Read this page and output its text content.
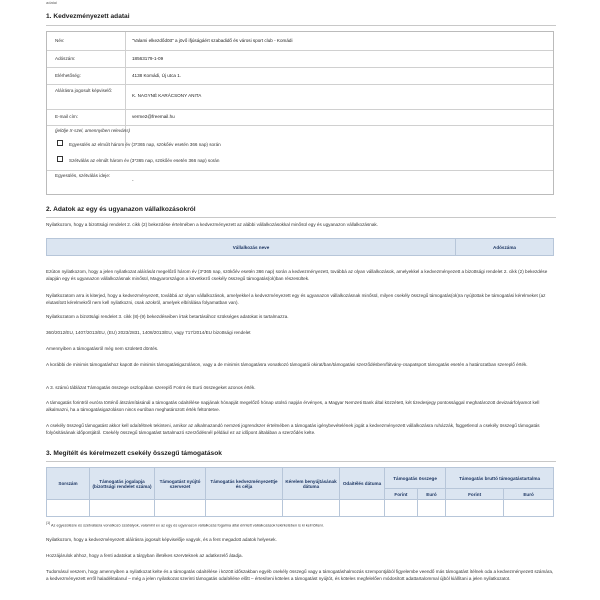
adatai
1. Kedvezményezett adatai
Név:	"Valami elkezdődött" a jövő ifjúságáért szabadidő és városi sport club - Komádi
Adószám:	18563179-1-09
Elérhetőség:	4138 Komádi, Új utca 1.
Aláírásra jogosult képviselő:
K. NAGYNÉ KARÁCSONY ANITA
E-mail cím:	verme2@freemail.hu
(jelölje X-szel, amennyiben releváns)
Egyesülés az elmúlt három év (3*365 nap, szökőév esetén 366 nap) során
Szétválás az elmúlt három év (3*365 nap, szökőév esetén 366 nap) során
Egyesülés, szétválás ideje:
-
2. Adatok az egy és ugyanazon vállalkozásokról
Nyilatkozom, hogy a bizottsági rendelet 2. cikk (2) bekezdése értelmében a kedvezményezett az alábbi vállalkozásokkal minősül egy és ugyanazon vállalkozásnak.
Vállalkozás neve	Adószáma
Ezúton nyilatkozom, hogy a jelen nyilatkozat aláírását megelőző három év (3*365 nap, szökőév esetén 366 nap) során a kedvezményezett, továbbá az olyan vállalkozások, amelyekkel a kedvezményezett a bizottsági rendelet 2. cikk (2) bekezdése alapján egy és ugyanazon vállalkozásnak minősül, Magyarországon a következő csekély összegű támogatás(ok)ban részesültek.
Nyilatkozatom arra is kiterjed, hogy a kedvezményezett, továbbá az olyan vállalkozások, amelyekkel a kedvezményezett egy és ugyanazon vállalkozásnak minősül, milyen csekély összegű támogatás(ok)ra nyújtottak be támogatási kérelmeket (az elutasított kérelmekről nem kell nyilatkozni, csak azokról, amelyek elbírálása folyamatban van).
Nyilatkozatom a bizottsági rendelet 3. cikk (8)-(9) bekezdéseiben írtak betartásához szükséges adatokat is tartalmazza.
360/2012/EU, 1407/2013/EU, (EU) 2023/2831, 1408/2013/EU, vagy 717/2014/EU bizottsági rendelet
Amennyiben a támogatásról még nem született döntés.
A korábbi de minimis támogatáshoz kapott de minimis támogatásigazoláson, vagy a de minimis támogatásra vonatkozó támogatói okirat/ban/támogatási szerződésben/fátvány-csapatsport támogatás esetén a határozatban szereplő érték.
A 3. számú táblázat Támogatás összege oszlopában szereplő Forint és Euró összegeket azonos érték.
A támogatás forintról euróra történő átszámításánál a támogatás odaítélése napjának hónapját megelőző hónap utolsó napján érvényes, a Magyar Nemzeti Bank által közzétett, két tizedesjegy pontossággal meghatározott devizaárfolyamot kell alkalmazni, ha a támogatásigazoláson nincs euróban meghatározott érték feltüntetve.
A csekély összegű támogatást akkor kell odaítéltnek tekinteni, amikor az alkalmazandó nemzeti jogrendszer értelmében a támogatás igénybevételének jogát a kedvezményezett vállalkozásra ruházzák, függetlenül a csekély összegű támogatás folyósításának időpontjától. Csekély összegű támogatást tartalmazó szerződésnél például ez az időpont általában a szerződés kelte.
3. Megítélt és kérelmezett csekély összegű támogatások
Sorszám	Támogatás jogalapja (bizottsági rendelet száma)	Támogatást nyújtó szervezet	Támogatás kedvezményezettje és célja	Kérelem benyújtásának dátuma	Odaítélés dátuma	Támogatás összege		Támogatás bruttó támogatástartalma	
						Forint	Euró	Forint	Euró

(1) Az egyesülésre és szétválásra vonatkozó szabályok, valamint ex az egy és ugyanazon vállalkozás fogalma által érintett vállalkozások tekintetében is ki kell tölteni.
Nyilatkozom, hogy a kedvezményezett aláírásra jogosult képviselője vagyok, és a fent megadott adatok helyesek.
Hozzájárulok ahhoz, hogy a fenti adatokat a tárgyban illetékes szervteknek az adatkezelő átadja.
Tudomásul veszem, hogy amennyiben a nyilatkozat kelte és a támogatás odaítélése i között időszakban egyéb csekély összegű vagy a támogatáshalmozás szempontjából figyelembe veendő más támogatást ítélnek oda a kedvezményezett számára, a kedvezményezett erről haladéktalanul – még a jelen nyilatkozat szerinti támogatás odaítélése előtt – értesíteni köteles a támogatást nyújtót, és köteles megfelelően módosított adattartalommal újból kiállítani a jelen nyilatkozatot.
